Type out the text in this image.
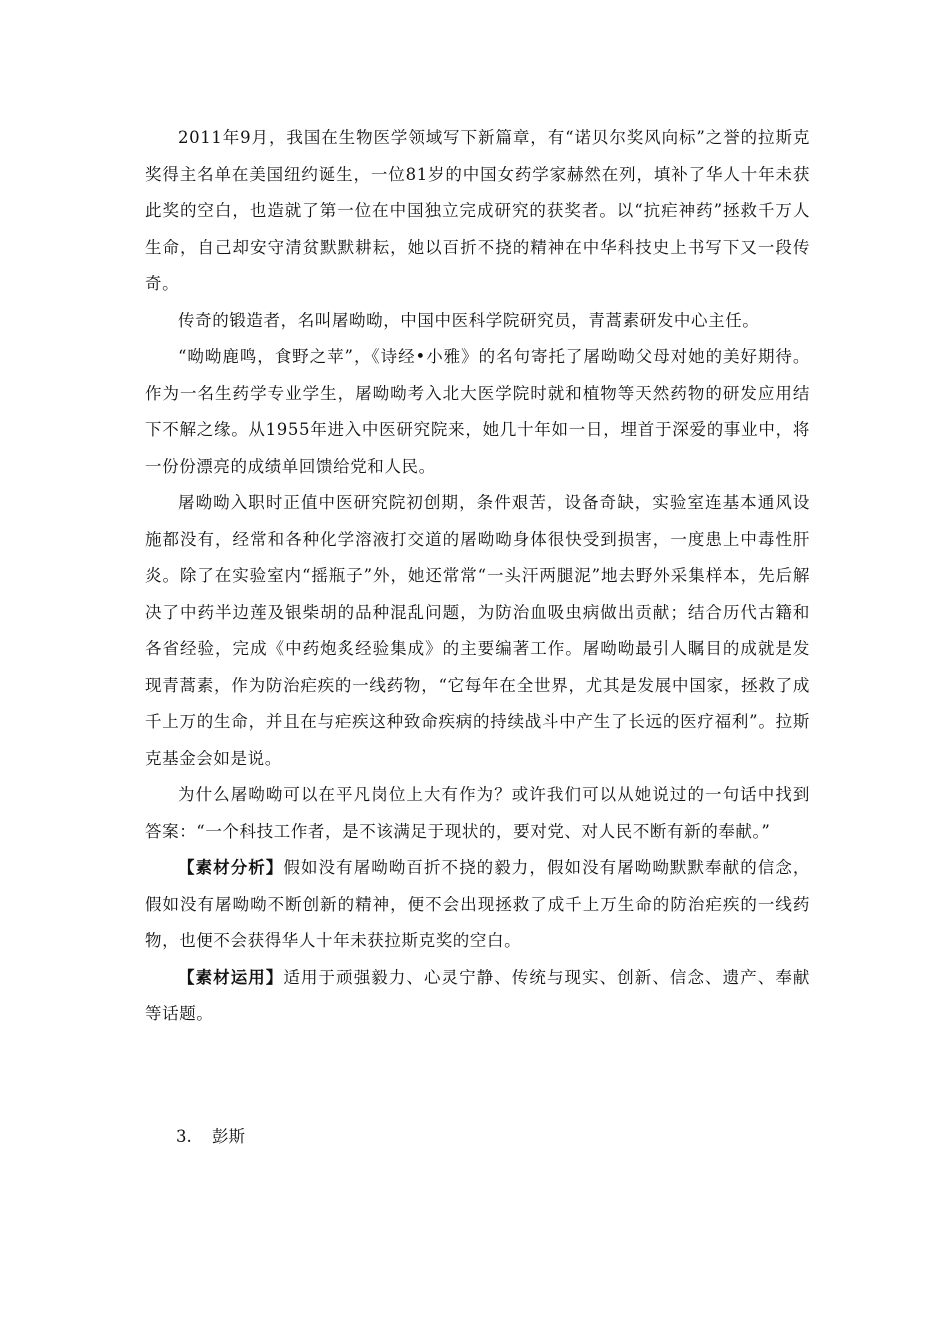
2011年9月，我国在生物医学领域写下新篇章，有“诺贝尔奖风向标”之誉的拉斯克奖得主名单在美国纽约诞生，一位81岁的中国女药学家赫然在列，填补了华人十年未获此奖的空白，也造就了第一位在中国独立完成研究的获奖者。以“抗疟神药”拯救千万人生命，自己却安守清贫默默耕耘，她以百折不挠的精神在中华科技史上书写下又一段传奇。

传奇的锻造者，名叫屠呦呦，中国中医科学院研究员，青蒿素研发中心主任。

“呦呦鹿鸣，食野之苹”，《诗经•小雅》的名句寄托了屠呦呦父母对她的美好期待。作为一名生药学专业学生，屠呦呦考入北大医学院时就和植物等天然药物的研发应用结下不解之缘。从1955年进入中医研究院来，她几十年如一日，埋首于深爱的事业中，将一份份漂亮的成绩单回馈给党和人民。

屠呦呦入职时正值中医研究院初创期，条件艰苦，设备奇缺，实验室连基本通风设施都没有，经常和各种化学溶液打交道的屠呦呦身体很快受到损害，一度患上中毒性肝炎。除了在实验室内“摇瓶子”外，她还常常“一头汗两腿泥”地去野外采集样本，先后解决了中药半边莲及银柴胡的品种混乱问题，为防治血吸虫病做出贡献；结合历代古籍和各省经验，完成《中药炮炙经验集成》的主要编著工作。屠呦呦最引人瞩目的成就是发现青蒿素，作为防治疟疾的一线药物，“它每年在全世界，尤其是发展中国家，拯救了成千上万的生命，并且在与疟疾这种致命疾病的持续战斗中产生了长远的医疗福利”。拉斯克基金会如是说。

为什么屠呦呦可以在平凡岗位上大有作为？或许我们可以从她说过的一句话中找到答案：“一个科技工作者，是不该满足于现状的，要对党、对人民不断有新的奉献。”

【素材分析】假如没有屠呦呦百折不挠的毅力，假如没有屠呦呦默默奉献的信念，假如没有屠呦呦不断创新的精神，便不会出现拯救了成千上万生命的防治疟疾的一线药物，也便不会获得华人十年未获拉斯克奖的空白。

【素材运用】适用于顽强毅力、心灵宁静、传统与现实、创新、信念、遗产、奉献等话题。

3. 彭斯
